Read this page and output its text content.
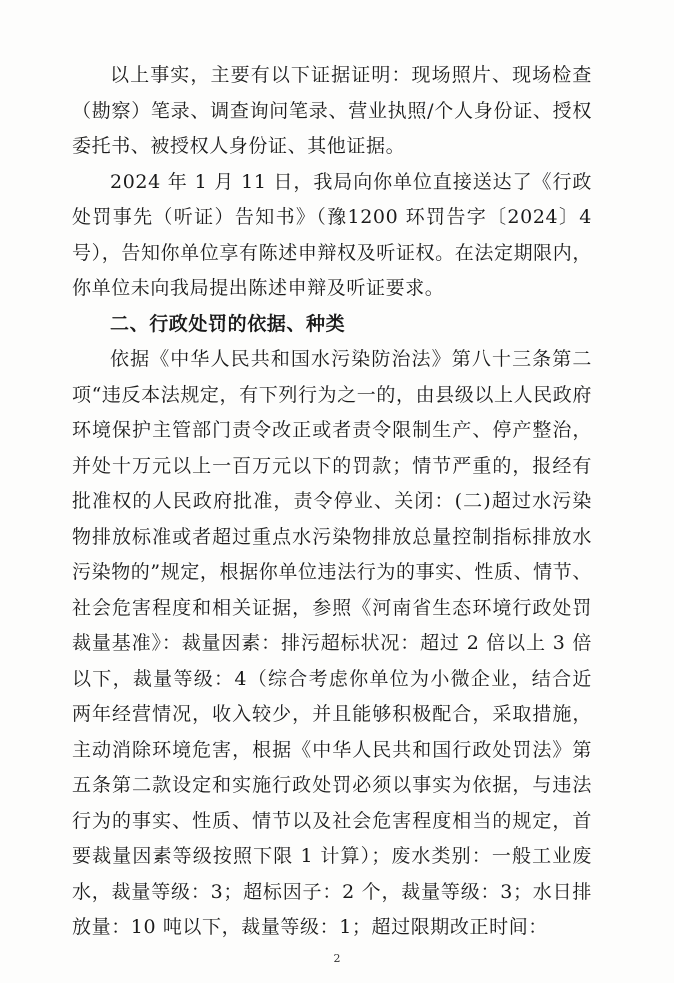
以上事实，主要有以下证据证明：现场照片、现场检查（勘察）笔录、调查询问笔录、营业执照/个人身份证、授权委托书、被授权人身份证、其他证据。

2024 年 1 月 11 日，我局向你单位直接送达了《行政处罚事先（听证）告知书》（豫1200 环罚告字〔2024〕4 号），告知你单位享有陈述申辩权及听证权。在法定期限内，你单位未向我局提出陈述申辩及听证要求。

二、行政处罚的依据、种类

依据《中华人民共和国水污染防治法》第八十三条第二项“违反本法规定，有下列行为之一的，由县级以上人民政府环境保护主管部门责令改正或者责令限制生产、停产整治，并处十万元以上一百万元以下的罚款；情节严重的，报经有批准权的人民政府批准，责令停业、关闭：(二)超过水污染物排放标准或者超过重点水污染物排放总量控制指标排放水污染物的”规定，根据你单位违法行为的事实、性质、情节、社会危害程度和相关证据，参照《河南省生态环境行政处罚裁量基准》：裁量因素：排污超标状况：超过 2 倍以上 3 倍以下，裁量等级：4（综合考虑你单位为小微企业，结合近两年经营情况，收入较少，并且能够积极配合，采取措施，主动消除环境危害，根据《中华人民共和国行政处罚法》第五条第二款设定和实施行政处罚必须以事实为依据，与违法行为的事实、性质、情节以及社会危害程度相当的规定，首要裁量因素等级按照下限 1 计算）；废水类别：一般工业废水，裁量等级：3；超标因子：2 个，裁量等级：3；水日排放量：10 吨以下，裁量等级：1；超过限期改正时间：

2
